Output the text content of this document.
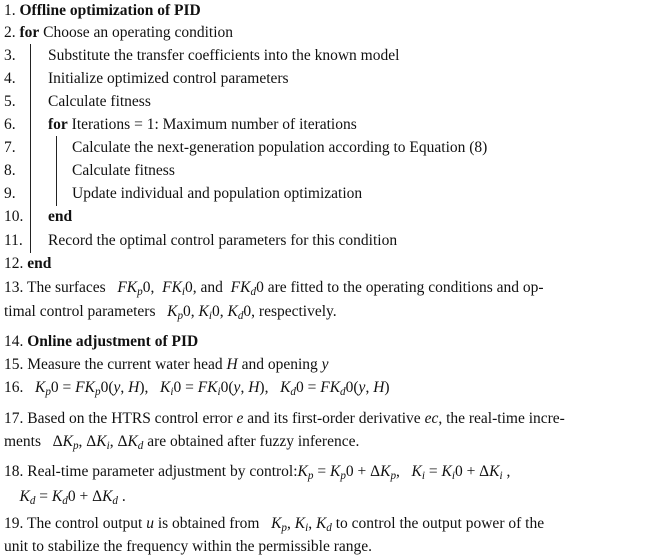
1. Offline optimization of PID
2. for Choose an operating condition
3. Substitute the transfer coefficients into the known model
4. Initialize optimized control parameters
5. Calculate fitness
6. for Iterations = 1: Maximum number of iterations
7.	Calculate the next-generation population according to Equation (8)
8.	Calculate fitness
9.	Update individual and population optimization
10. end
11. Record the optimal control parameters for this condition
12. end
13. The surfaces   $FK_p0$,  $FK_i0$, and  $FK_d0$ are fitted to the operating conditions and op-
timal control parameters   $K_p0$, $K_i0$, $K_d0$, respectively.
14. Online adjustment of PID
15. Measure the current water head H and opening y
16.   $K_p0 = FK_p0(y$, H),   $K_i0 = FK_i0(y$, H),   $K_d0 = FK_d0(y$, H)
17. Based on the HTRS control error e and its first-order derivative ec, the real-time incre-
ments $\Delta K_p$, $\Delta K_i$, $\Delta K_d$ are obtained after fuzzy inference.
18. Real-time parameter adjustment by $control:K_p = K_p0 + \Delta K_p$,   $K_i = K_i0 + \Delta K_i$ ,
$K_d = K_d0 + \Delta K_d$ .
19. The control output u is obtained from   $K_p$, $K_i$, $K_d$ to control the output power of the
unit to stabilize the frequency within the permissible range.
